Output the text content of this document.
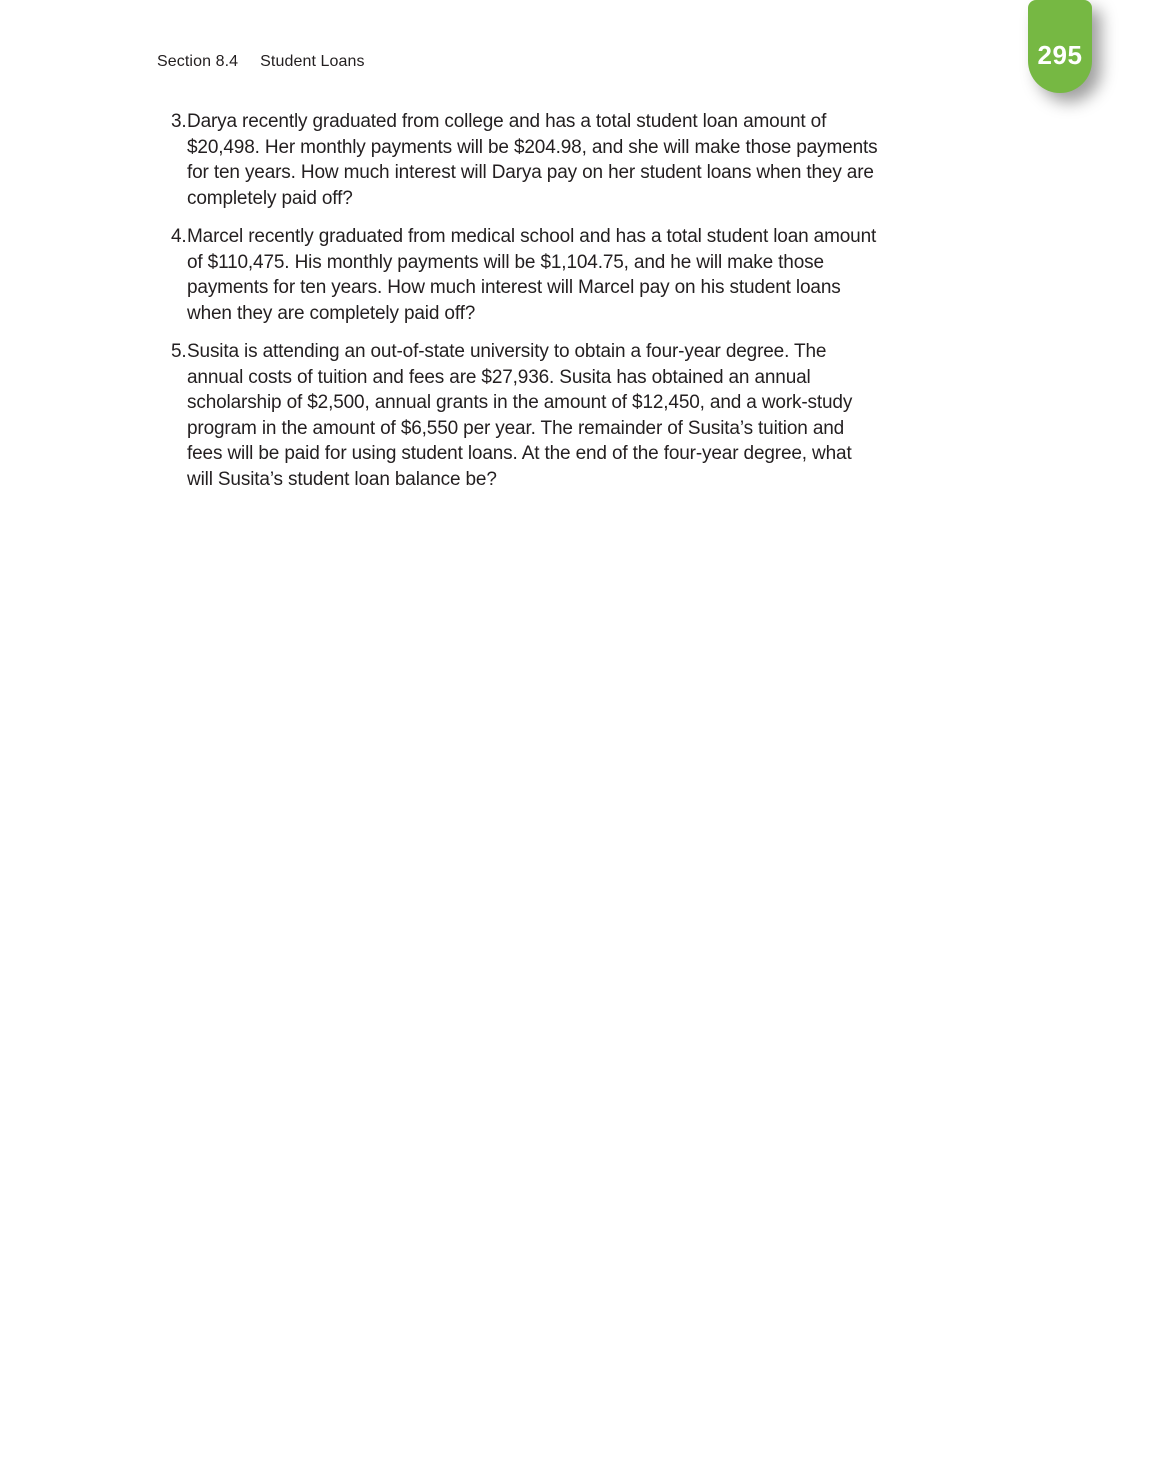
Section 8.4 Student Loans	295
3. Darya recently graduated from college and has a total student loan amount of $20,498. Her monthly payments will be $204.98, and she will make those payments for ten years. How much interest will Darya pay on her student loans when they are completely paid off?
4. Marcel recently graduated from medical school and has a total student loan amount of $110,475. His monthly payments will be $1,104.75, and he will make those payments for ten years. How much interest will Marcel pay on his student loans when they are completely paid off?
5. Susita is attending an out-of-state university to obtain a four-year degree. The annual costs of tuition and fees are $27,936. Susita has obtained an annual scholarship of $2,500, annual grants in the amount of $12,450, and a work-study program in the amount of $6,550 per year. The remainder of Susita’s tuition and fees will be paid for using student loans. At the end of the four-year degree, what will Susita’s student loan balance be?
